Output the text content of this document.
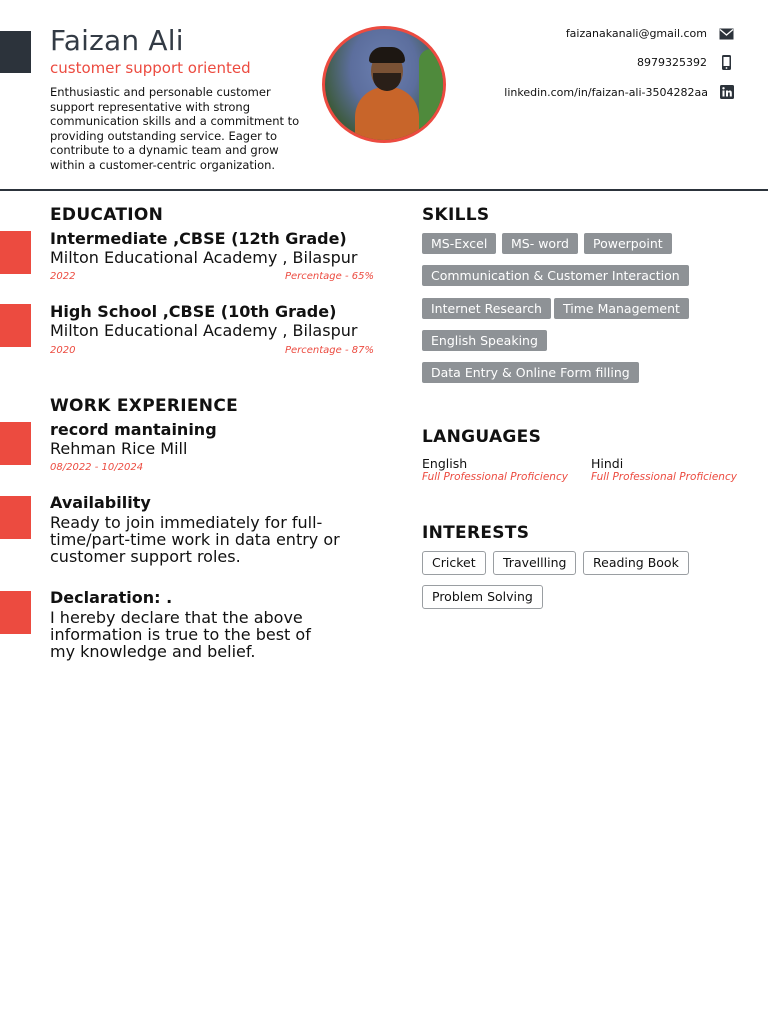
Faizan Ali
customer support oriented

Enthusiastic and personable customer support representative with strong communication skills and a commitment to providing outstanding service. Eager to contribute to a dynamic team and grow within a customer-centric organization.

faizanakanali@gmail.com
8979325392
linkedin.com/in/faizan-ali-3504282aa
EDUCATION
Intermediate ,CBSE (12th Grade)
Milton Educational Academy , Bilaspur
2022	Percentage - 65%
High School ,CBSE (10th Grade)
Milton Educational Academy , Bilaspur
2020	Percentage - 87%
WORK EXPERIENCE
record mantaining
Rehman Rice Mill
08/2022 - 10/2024
Availability

Ready to join immediately for full-time/part-time work in data entry or customer support roles.

Declaration: .

I hereby declare that the above information is true to the best of my knowledge and belief.

SKILLS
MS-Excel	MS- word	Powerpoint
Communication & Customer Interaction
Internet Research	Time Management
English Speaking
Data Entry & Online Form filling
LANGUAGES
English
Full Professional Proficiency
Hindi
Full Professional Proficiency
INTERESTS
Cricket	Travellling	Reading Book
Problem Solving
